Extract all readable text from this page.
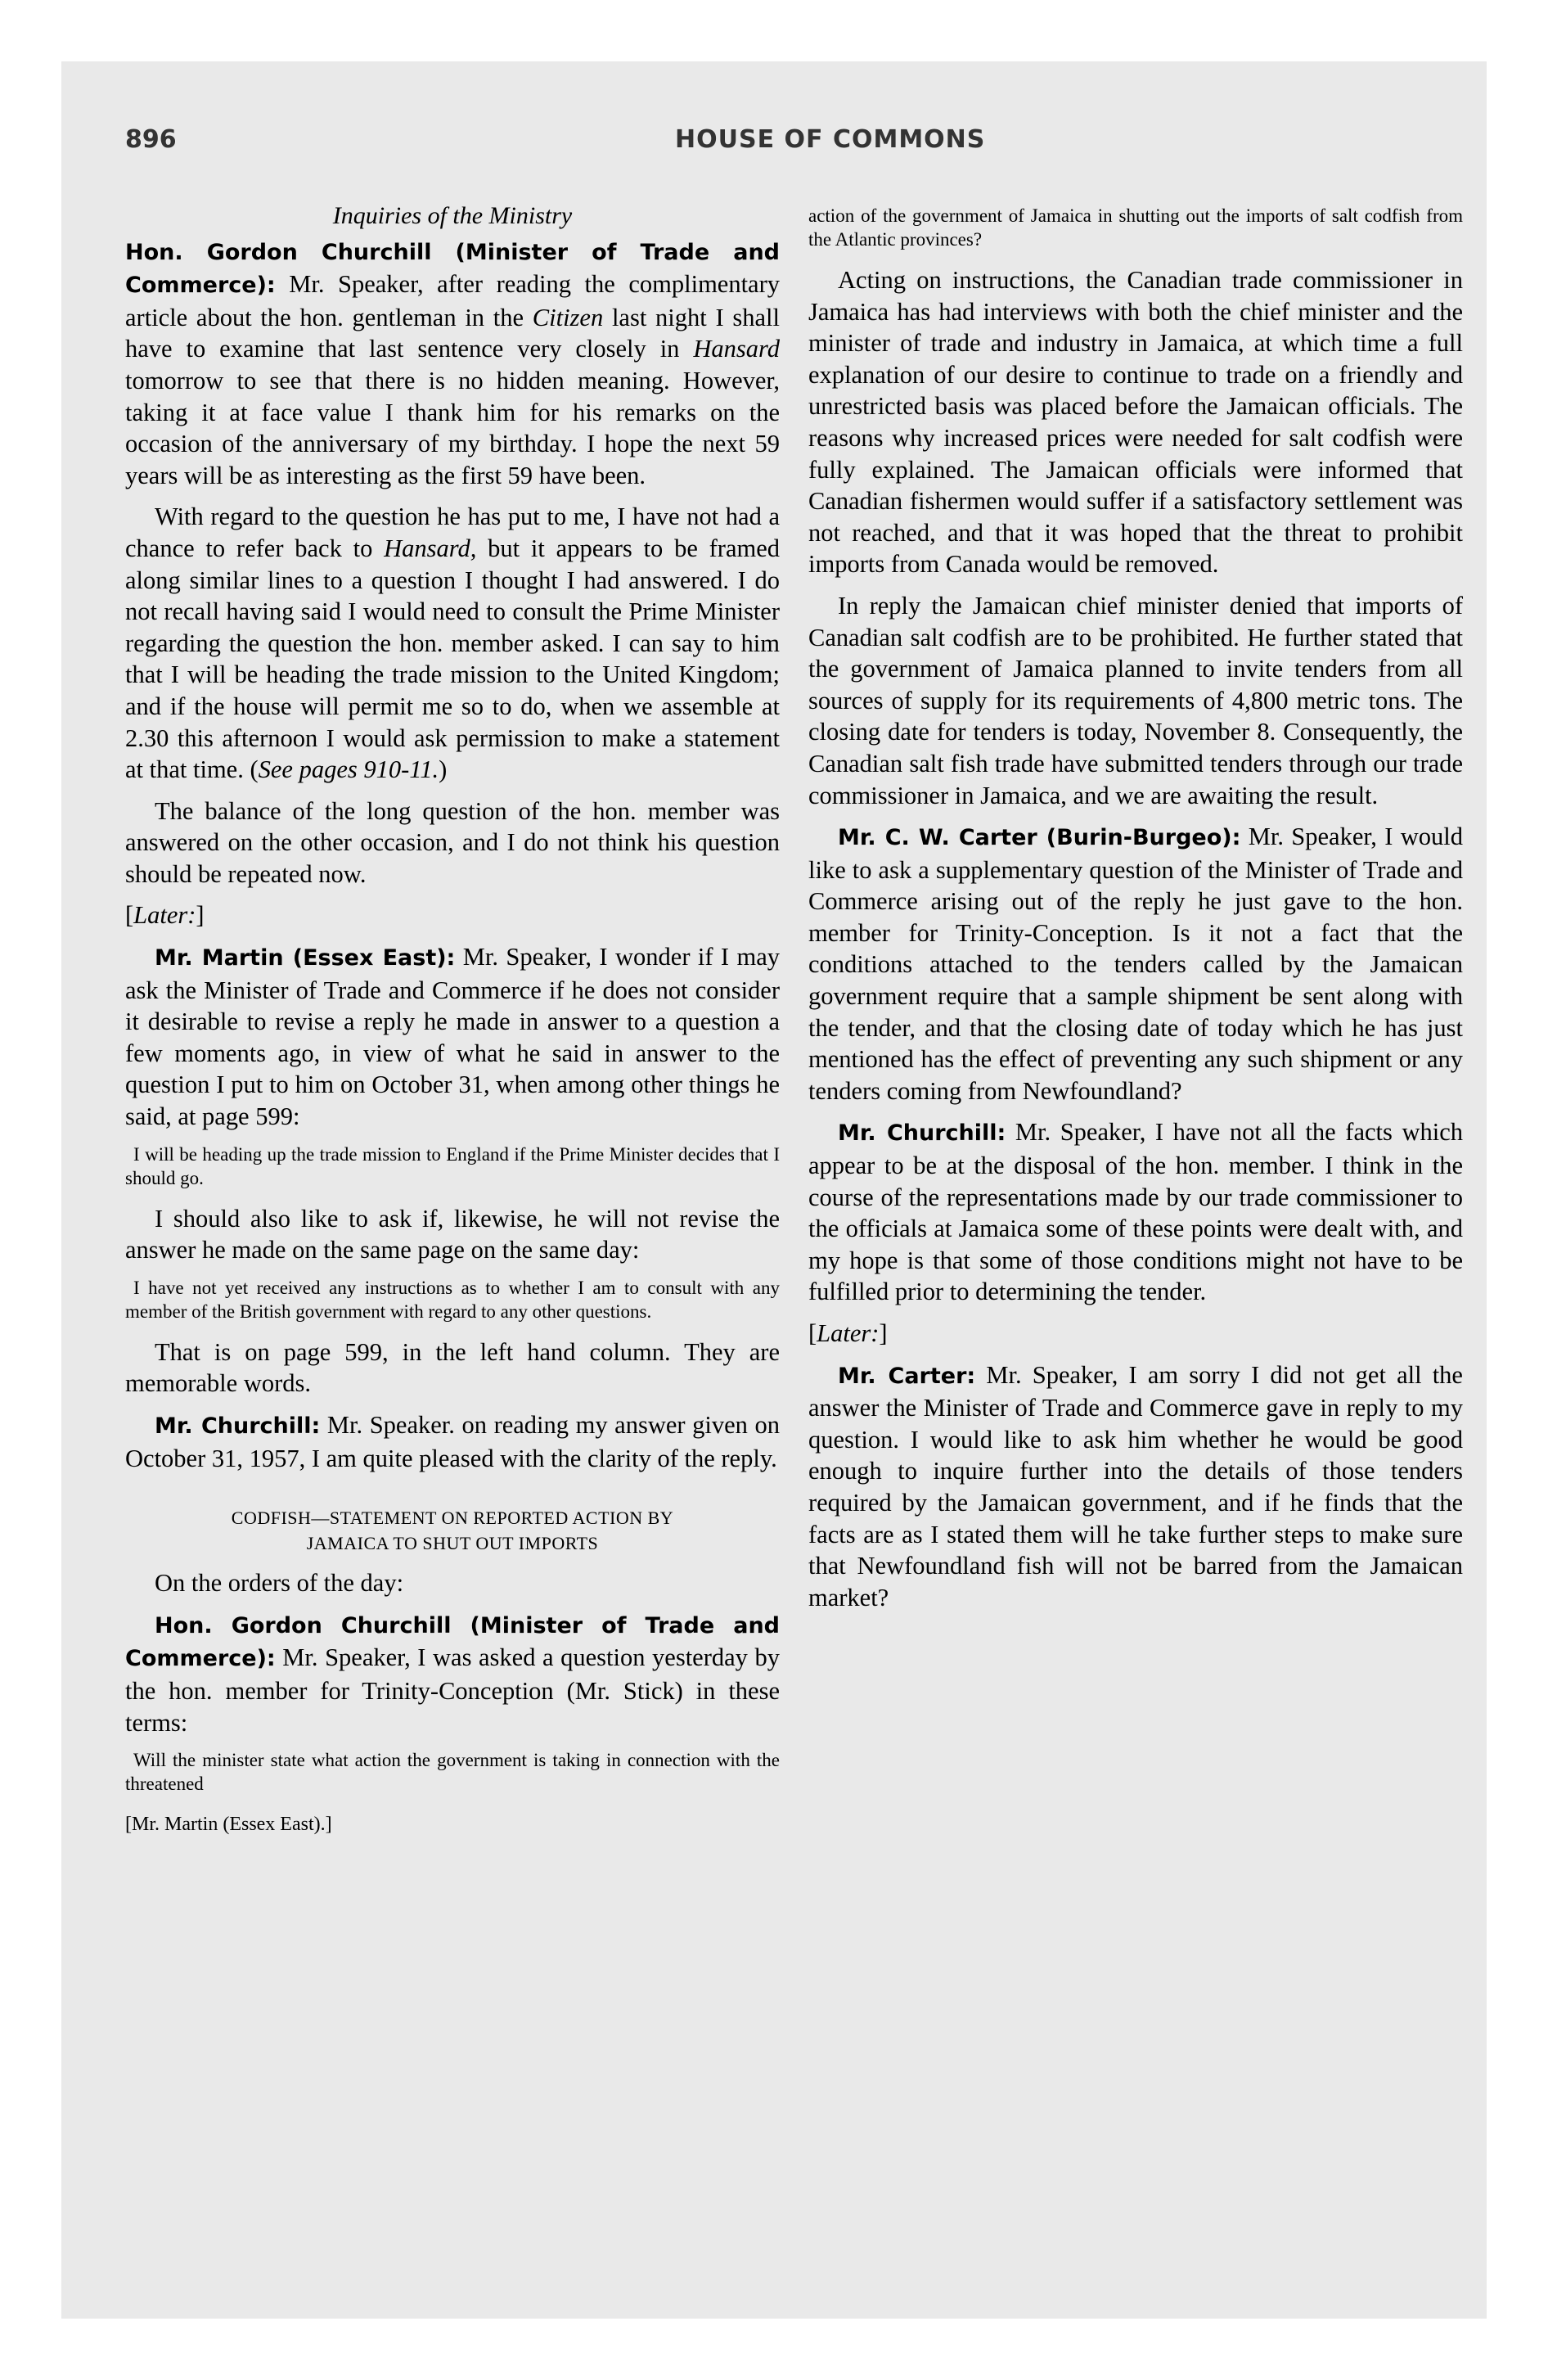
896	HOUSE OF COMMONS
Inquiries of the Ministry

Hon. Gordon Churchill (Minister of Trade and Commerce): Mr. Speaker, after reading the complimentary article about the hon. gentleman in the Citizen last night I shall have to examine that last sentence very closely in Hansard tomorrow to see that there is no hidden meaning. However, taking it at face value I thank him for his remarks on the occasion of the anniversary of my birthday. I hope the next 59 years will be as interesting as the first 59 have been.

With regard to the question he has put to me, I have not had a chance to refer back to Hansard, but it appears to be framed along similar lines to a question I thought I had answered. I do not recall having said I would need to consult the Prime Minister regarding the question the hon. member asked. I can say to him that I will be heading the trade mission to the United Kingdom; and if the house will permit me so to do, when we assemble at 2.30 this afternoon I would ask permission to make a statement at that time. (See pages 910-11.)

The balance of the long question of the hon. member was answered on the other occasion, and I do not think his question should be repeated now.

[Later:]

Mr. Martin (Essex East): Mr. Speaker, I wonder if I may ask the Minister of Trade and Commerce if he does not consider it desirable to revise a reply he made in answer to a question a few moments ago, in view of what he said in answer to the question I put to him on October 31, when among other things he said, at page 599:

I will be heading up the trade mission to England if the Prime Minister decides that I should go.

I should also like to ask if, likewise, he will not revise the answer he made on the same page on the same day:

I have not yet received any instructions as to whether I am to consult with any member of the British government with regard to any other questions.

That is on page 599, in the left hand column. They are memorable words.

Mr. Churchill: Mr. Speaker. on reading my answer given on October 31, 1957, I am quite pleased with the clarity of the reply.

CODFISH—STATEMENT ON REPORTED ACTION BY
JAMAICA TO SHUT OUT IMPORTS

On the orders of the day:

Hon. Gordon Churchill (Minister of Trade and Commerce): Mr. Speaker, I was asked a question yesterday by the hon. member for Trinity-Conception (Mr. Stick) in these terms:

Will the minister state what action the government is taking in connection with the threatened
[Mr. Martin (Essex East).]
action of the government of Jamaica in shutting out the imports of salt codfish from the Atlantic provinces?

Acting on instructions, the Canadian trade commissioner in Jamaica has had interviews with both the chief minister and the minister of trade and industry in Jamaica, at which time a full explanation of our desire to continue to trade on a friendly and unrestricted basis was placed before the Jamaican officials. The reasons why increased prices were needed for salt codfish were fully explained. The Jamaican officials were informed that Canadian fishermen would suffer if a satisfactory settlement was not reached, and that it was hoped that the threat to prohibit imports from Canada would be removed.

In reply the Jamaican chief minister denied that imports of Canadian salt codfish are to be prohibited. He further stated that the government of Jamaica planned to invite tenders from all sources of supply for its requirements of 4,800 metric tons. The closing date for tenders is today, November 8. Consequently, the Canadian salt fish trade have submitted tenders through our trade commissioner in Jamaica, and we are awaiting the result.

Mr. C. W. Carter (Burin-Burgeo): Mr. Speaker, I would like to ask a supplementary question of the Minister of Trade and Commerce arising out of the reply he just gave to the hon. member for Trinity-Conception. Is it not a fact that the conditions attached to the tenders called by the Jamaican government require that a sample shipment be sent along with the tender, and that the closing date of today which he has just mentioned has the effect of preventing any such shipment or any tenders coming from Newfoundland?

Mr. Churchill: Mr. Speaker, I have not all the facts which appear to be at the disposal of the hon. member. I think in the course of the representations made by our trade commissioner to the officials at Jamaica some of these points were dealt with, and my hope is that some of those conditions might not have to be fulfilled prior to determining the tender.

[Later:]

Mr. Carter: Mr. Speaker, I am sorry I did not get all the answer the Minister of Trade and Commerce gave in reply to my question. I would like to ask him whether he would be good enough to inquire further into the details of those tenders required by the Jamaican government, and if he finds that the facts are as I stated them will he take further steps to make sure that Newfoundland fish will not be barred from the Jamaican market?
